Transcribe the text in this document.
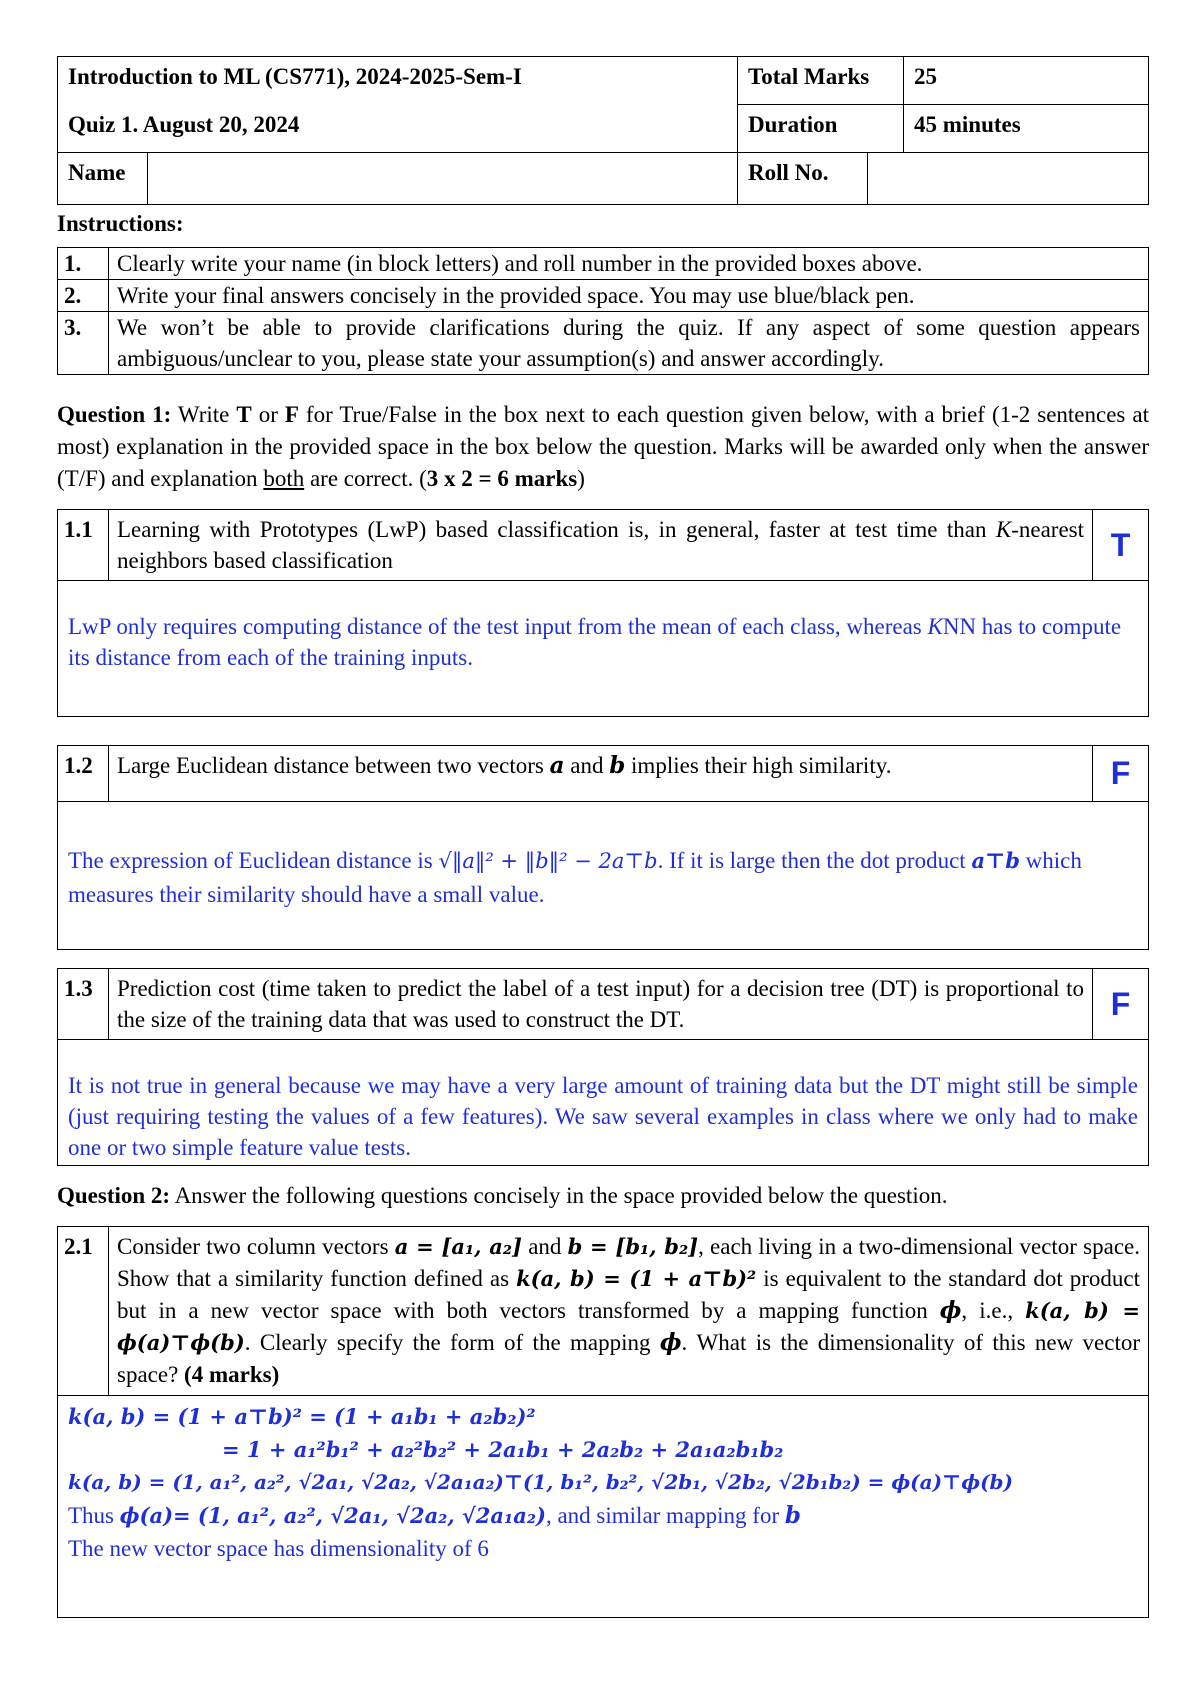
Introduction to ML (CS771), 2024-2025-Sem-I		Total Marks		25
Quiz 1. August 20, 2024		Duration		45 minutes
Name		Roll No.		
Instructions:
1.	Clearly write your name (in block letters) and roll number in the provided boxes above.
2.	Write your final answers concisely in the provided space. You may use blue/black pen.
3.	We won’t be able to provide clarifications during the quiz. If any aspect of some question appears ambiguous/unclear to you, please state your assumption(s) and answer accordingly.

Question 1: Write T or F for True/False in the box next to each question given below, with a brief (1-2 sentences at most) explanation in the provided space in the box below the question. Marks will be awarded only when the answer (T/F) and explanation both are correct. (3 x 2 = 6 marks)

1.1	Learning with Prototypes (LwP) based classification is, in general, faster at test time than K-nearest neighbors based classification	T
LwP only requires computing distance of the test input from the mean of each class, whereas KNN has to compute its distance from each of the training inputs.
1.2	Large Euclidean distance between two vectors a and b implies their high similarity.	F
The expression of Euclidean distance is √‖a‖² + ‖b‖² − 2a⊤b. If it is large then the dot product a⊤b which measures their similarity should have a small value.
1.3	Prediction cost (time taken to predict the label of a test input) for a decision tree (DT) is proportional to the size of the training data that was used to construct the DT.	F
It is not true in general because we may have a very large amount of training data but the DT might still be simple (just requiring testing the values of a few features). We saw several examples in class where we only had to make one or two simple feature value tests.

Question 2: Answer the following questions concisely in the space provided below the question.

2.1	Consider two column vectors a = [a₁, a₂] and b = [b₁, b₂], each living in a two-dimensional vector space. Show that a similarity function defined as k(a, b) = (1 + a⊤b)² is equivalent to the standard dot product but in a new vector space with both vectors transformed by a mapping function ϕ, i.e., k(a, b) = ϕ(a)⊤ϕ(b). Clearly specify the form of the mapping ϕ. What is the dimensionality of this new vector space? (4 marks)

k(a, b) = (1 + a⊤b)² = (1 + a₁b₁ + a₂b₂)²
= 1 + a₁²b₁² + a₂²b₂² + 2a₁b₁ + 2a₂b₂ + 2a₁a₂b₁b₂
k(a, b) = (1, a₁², a₂², √2a₁, √2a₂, √2a₁a₂)⊤(1, b₁², b₂², √2b₁, √2b₂, √2b₁b₂) = ϕ(a)⊤ϕ(b)
Thus ϕ(a)= (1, a₁², a₂², √2a₁, √2a₂, √2a₁a₂), and similar mapping for b
The new vector space has dimensionality of 6
